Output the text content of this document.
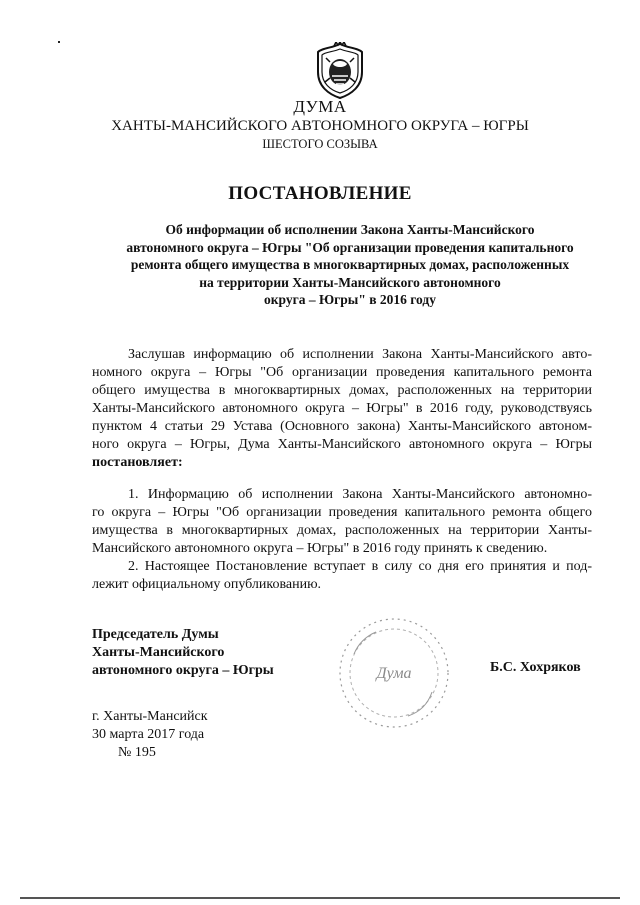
ДУМА
ХАНТЫ-МАНСИЙСКОГО АВТОНОМНОГО ОКРУГА – ЮГРЫ
ШЕСТОГО СОЗЫВА
ПОСТАНОВЛЕНИЕ
Об информации об исполнении Закона Ханты-Мансийского
автономного округа – Югры "Об организации проведения капитального
ремонта общего имущества в многоквартирных домах, расположенных
на территории Ханты-Мансийского автономного
округа – Югры" в 2016 году
Заслушав информацию об исполнении Закона Ханты-Мансийского авто-
номного округа – Югры "Об организации проведения капитального ремонта
общего имущества в многоквартирных домах, расположенных на территории
Ханты-Мансийского автономного округа – Югры" в 2016 году, руководствуясь
пунктом 4 статьи 29 Устава (Основного закона) Ханты-Мансийского автоном-
ного округа – Югры, Дума Ханты-Мансийского автономного округа – Югры
постановляет:
1. Информацию об исполнении Закона Ханты-Мансийского автономно-
го округа – Югры "Об организации проведения капитального ремонта общего
имущества в многоквартирных домах, расположенных на территории Ханты-
Мансийского автономного округа – Югры" в 2016 году принять к сведению.
2. Настоящее Постановление вступает в силу со дня его принятия и под-
лежит официальному опубликованию.
Председатель Думы
Ханты-Мансийского
автономного округа – Югры	Дума	Б.С. Хохряков
г. Ханты-Мансийск
30 марта 2017 года
№ 195
